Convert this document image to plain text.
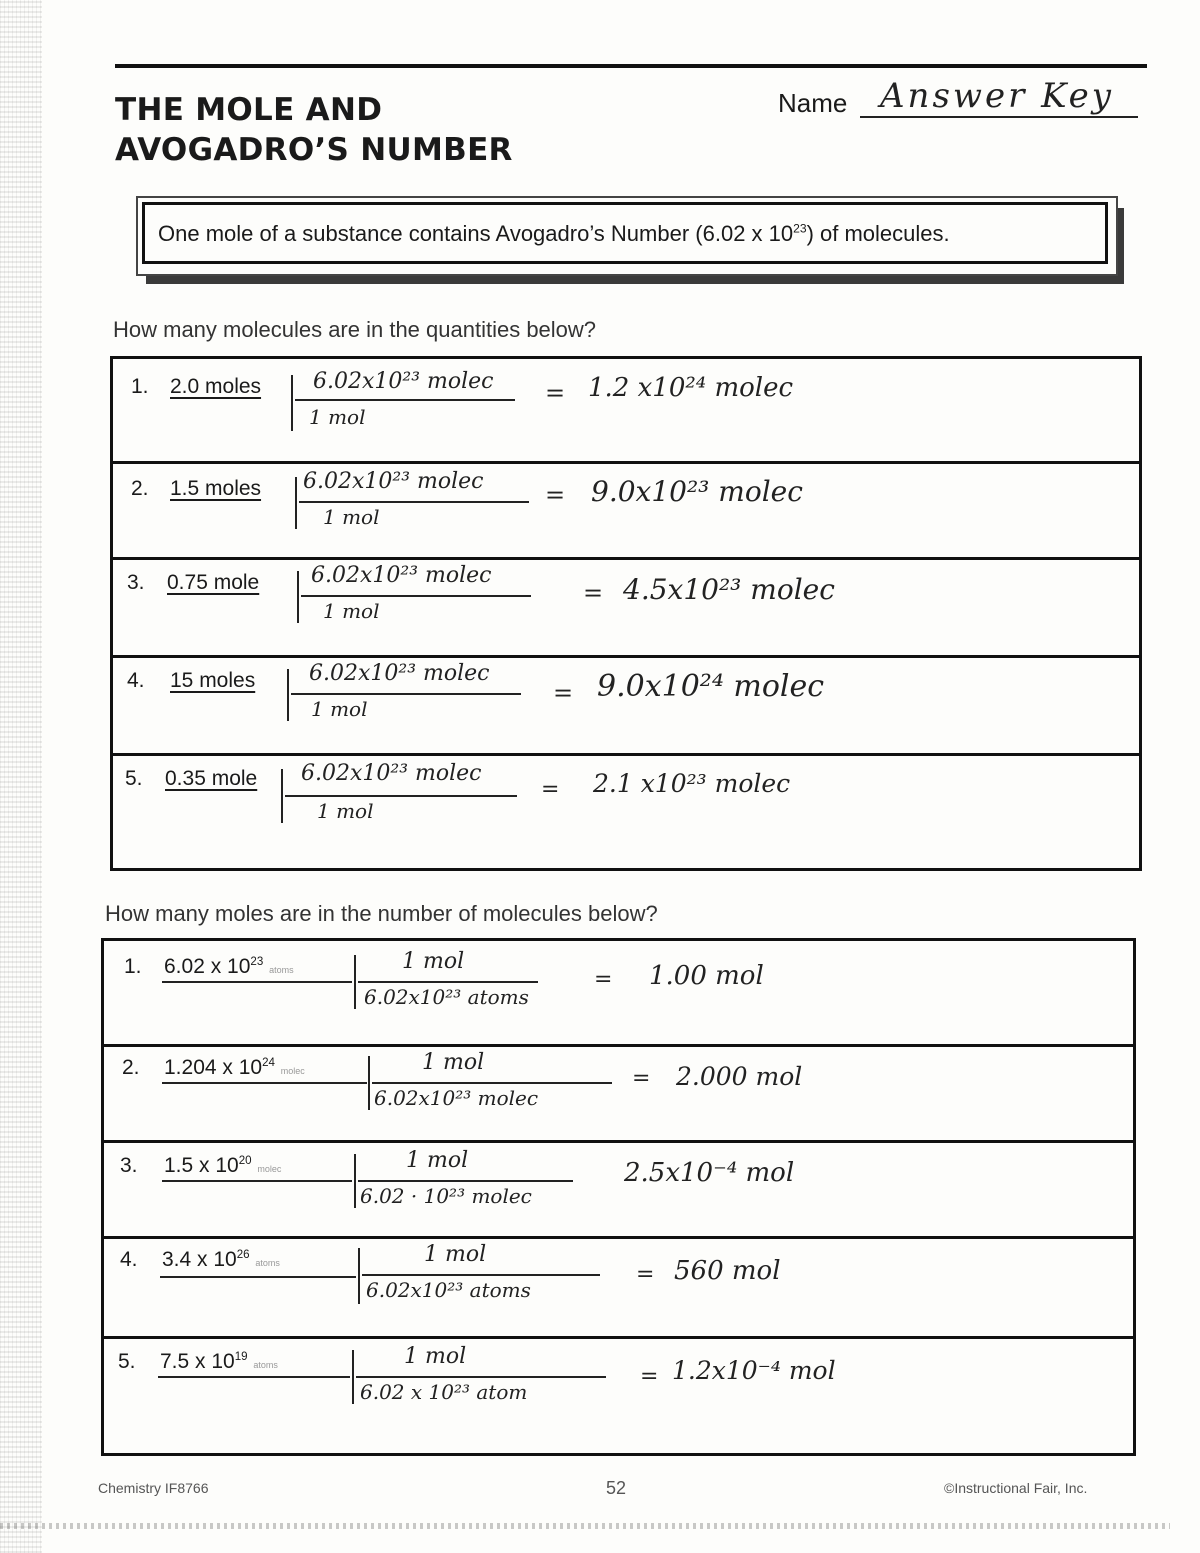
THE MOLE AND
AVOGADRO’S NUMBER
Name Answer Key
One mole of a substance contains Avogadro’s Number (6.02 x $10^{23}$) of molecules.
How many molecules are in the quantities below?
1. 2.0 moles 6.02x10²³ molec
1 mol
= 1.2 x10²⁴ molec
2. 1.5 moles 6.02x10²³ molec
1 mol
= 9.0x10²³ molec
3. 0.75 mole 6.02x10²³ molec
1 mol
= 4.5x10²³ molec
4. 15 moles 6.02x10²³ molec
1 mol
= 9.0x10²⁴ molec
5. 0.35 mole 6.02x10²³ molec
1 mol
= 2.1 x10²³ molec
How many moles are in the number of molecules below?
1. 6.02 x $10^{23}$ atoms	1 mol
6.02x10²³ atoms
= 1.00 mol
2. 1.204 x $10^{24}$ molec	1 mol
6.02x10²³ molec
= 2.000 mol
3. 1.5 x $10^{20}$ molec	1 mol
6.02 · 10²³ molec
2.5x10⁻⁴ mol
4. 3.4 x $10^{26}$ atoms	1 mol
6.02x10²³ atoms
= 560 mol
5. 7.5 x $10^{19}$ atoms	1 mol
6.02 x 10²³ atom
= 1.2x10⁻⁴ mol
Chemistry IF8766	52	©Instructional Fair, Inc.
